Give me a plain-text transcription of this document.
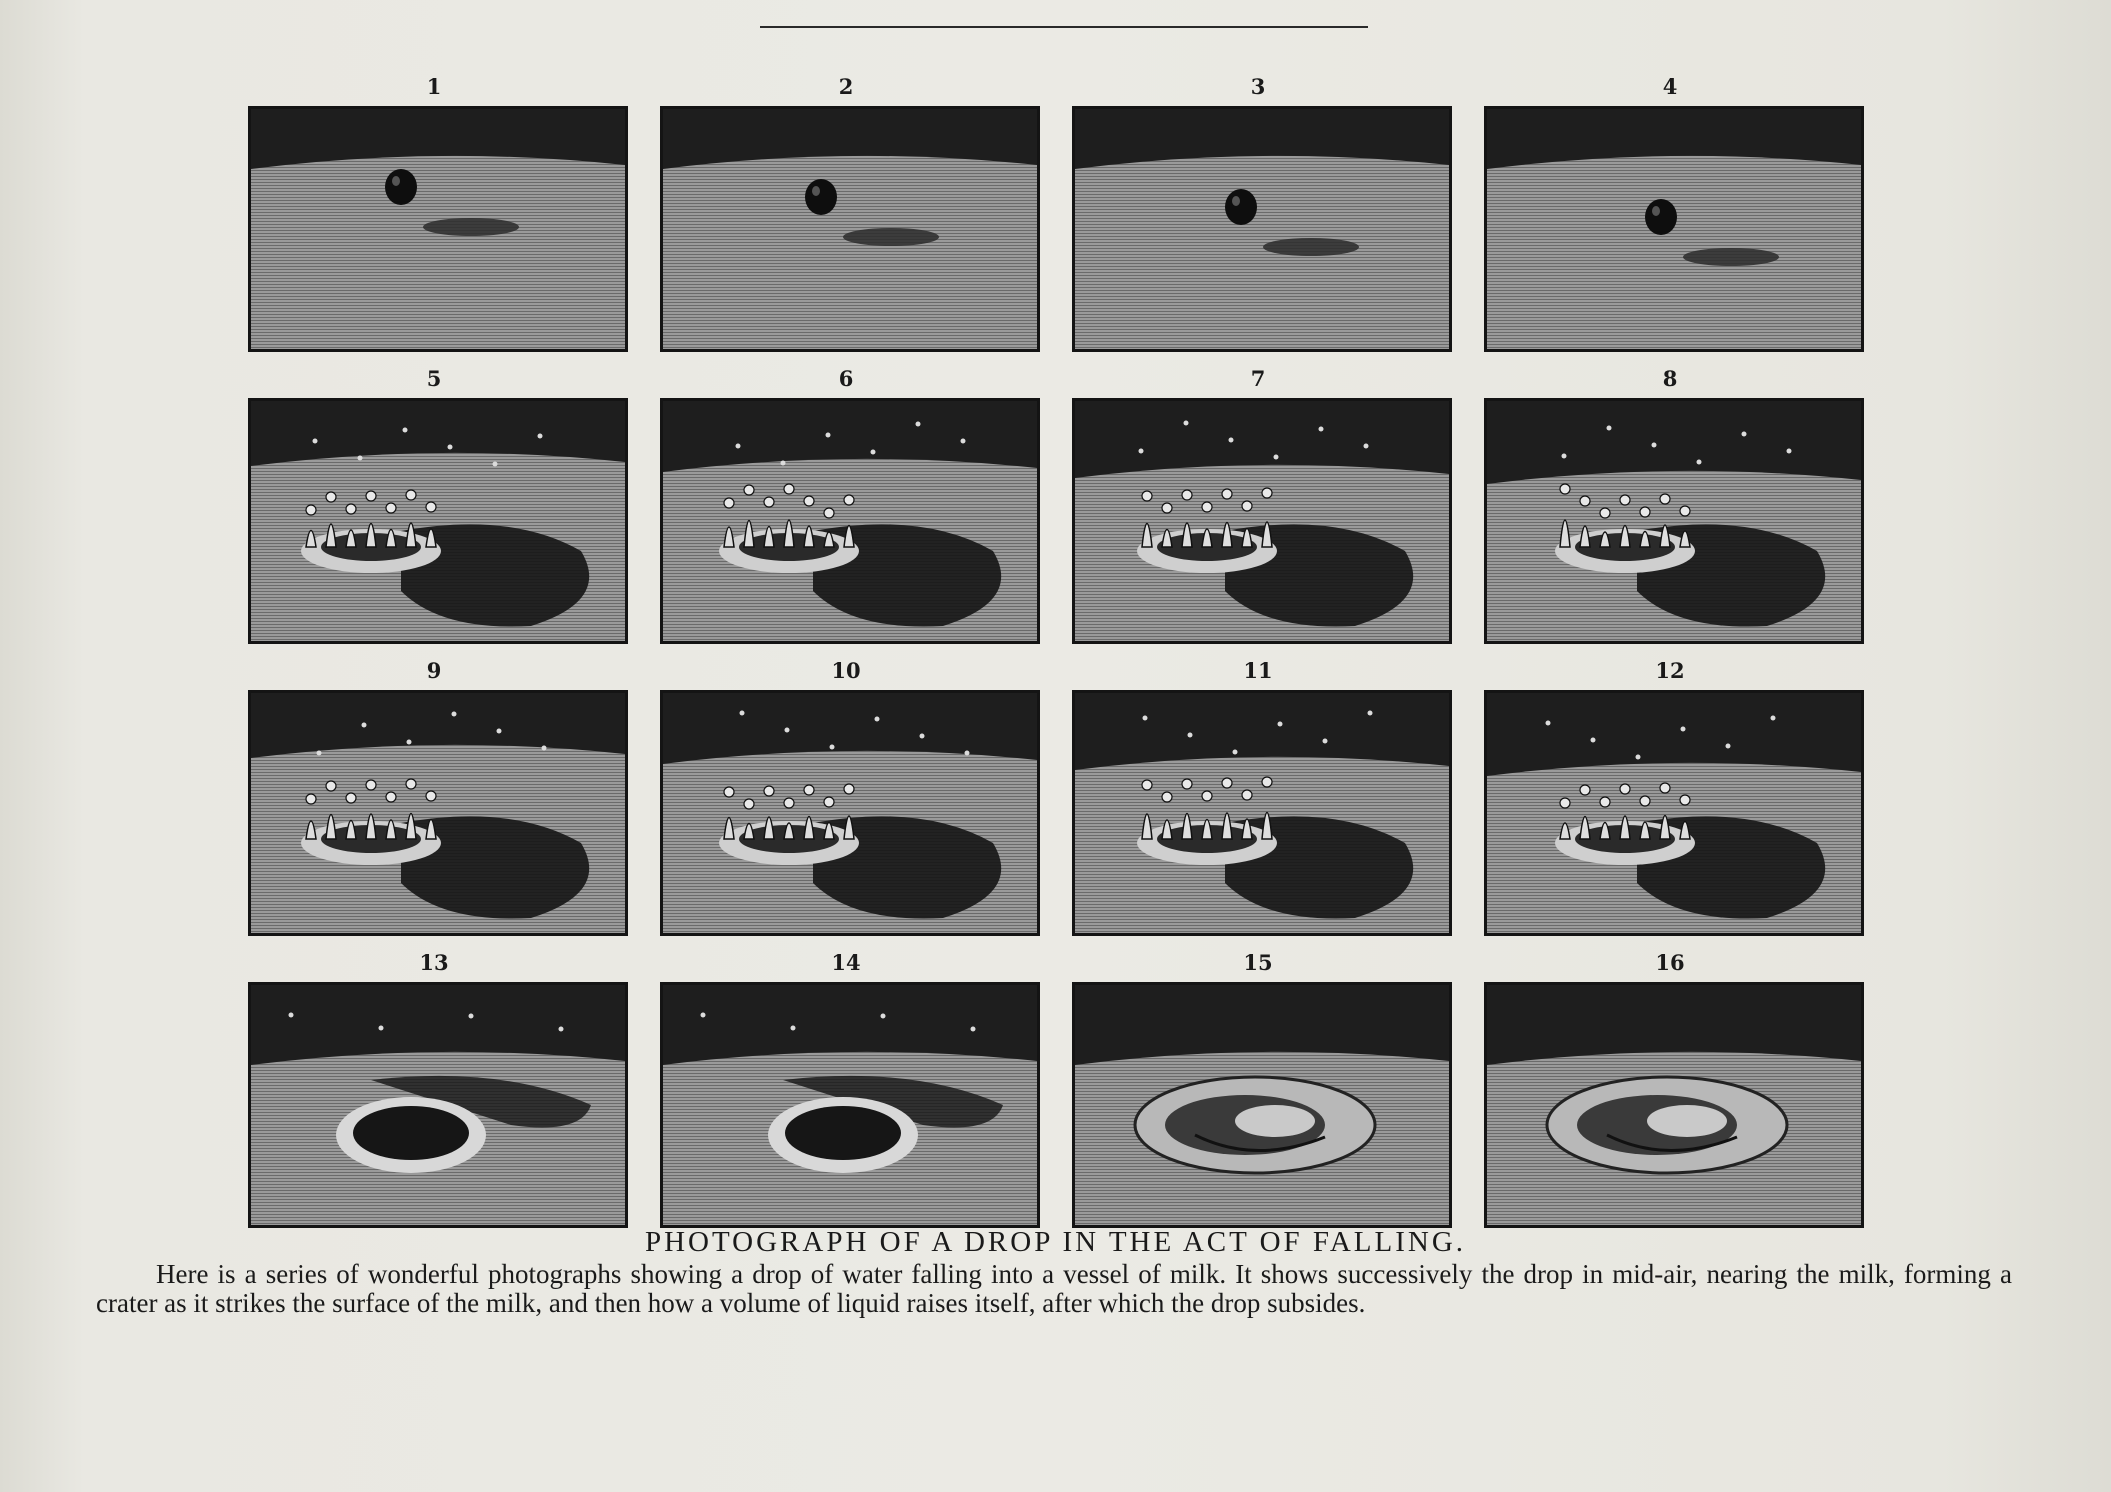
1	2	3	4
5	6	7	8
9	10	11	12
13	14	15	16
PHOTOGRAPH OF A DROP IN THE ACT OF FALLING.
Here is a series of wonderful photographs showing a drop of water falling into a vessel of milk. It shows successively the drop in mid-air, nearing the milk, forming a crater as it strikes the surface of the milk, and then how a volume of liquid raises itself, after which the drop subsides.
